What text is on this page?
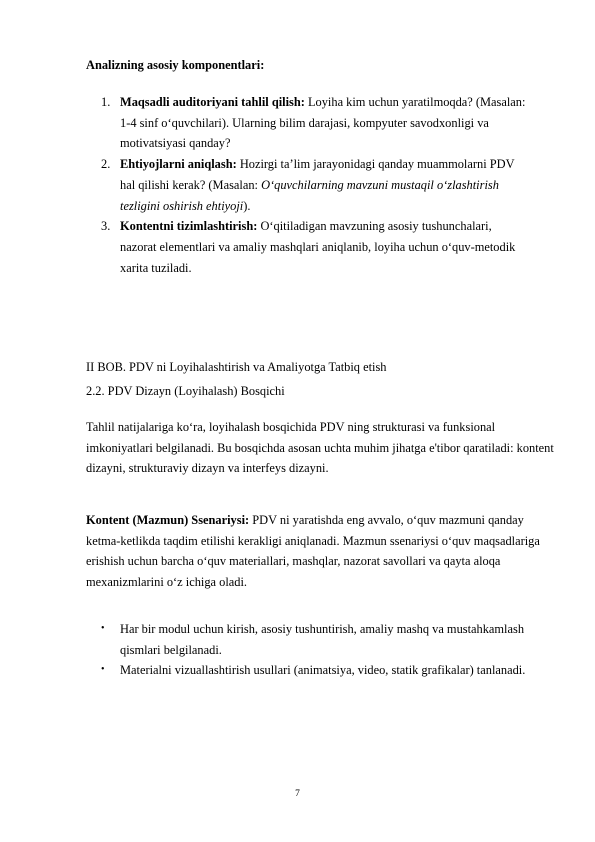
Analizning asosiy komponentlari:
1. Maqsadli auditoriyani tahlil qilish: Loyiha kim uchun yaratilmoqda? (Masalan: 1-4 sinf o‘quvchilari). Ularning bilim darajasi, kompyuter savodxonligi va motivatsiyasi qanday?
2. Ehtiyojlarni aniqlash: Hozirgi ta’lim jarayonidagi qanday muammolarni PDV hal qilishi kerak? (Masalan: O‘quvchilarning mavzuni mustaqil o‘zlashtirish tezligini oshirish ehtiyoji).
3. Kontentni tizimlashtirish: O‘qitiladigan mavzuning asosiy tushunchalari, nazorat elementlari va amaliy mashqlari aniqlanib, loyiha uchun o‘quv-metodik xarita tuziladi.
II BOB. PDV ni Loyihalashtirish va Amaliyotga Tatbiq etish
2.2. PDV Dizayn (Loyihalash) Bosqichi
Tahlil natijalariga ko‘ra, loyihalash bosqichida PDV ning strukturasi va funksional imkoniyatlari belgilanadi. Bu bosqichda asosan uchta muhim jihatga e'tibor qaratiladi: kontent dizayni, strukturaviy dizayn va interfeys dizayni.
Kontent (Mazmun) Ssenariysi: PDV ni yaratishda eng avvalo, o‘quv mazmuni qanday ketma-ketlikda taqdim etilishi kerakligi aniqlanadi. Mazmun ssenariysi o‘quv maqsadlariga erishish uchun barcha o‘quv materiallari, mashqlar, nazorat savollari va qayta aloqa mexanizmlarini o‘z ichiga oladi.
• Har bir modul uchun kirish, asosiy tushuntirish, amaliy mashq va mustahkamlash qismlari belgilanadi.
• Materialni vizuallashtirish usullari (animatsiya, video, statik grafikalar) tanlanadi.
7
